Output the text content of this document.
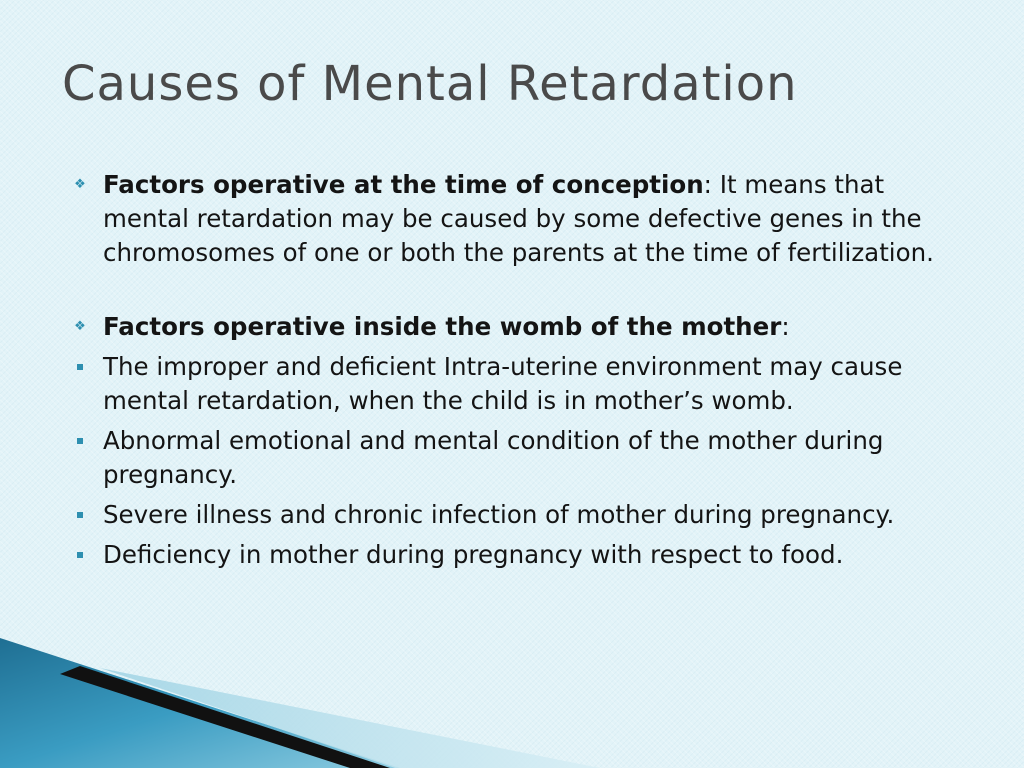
Causes of Mental Retardation
❖ Factors operative at the time of conception: It means that mental retardation may be caused by some defective genes in the chromosomes of one or both the parents at the time of fertilization.
❖ Factors operative inside the womb of the mother:
The improper and deficient Intra-uterine environment may cause mental retardation, when the child is in mother’s womb.
Abnormal emotional and mental condition of the mother during pregnancy.
Severe illness and chronic infection of mother during pregnancy.
Deficiency in mother during pregnancy with respect to food.
